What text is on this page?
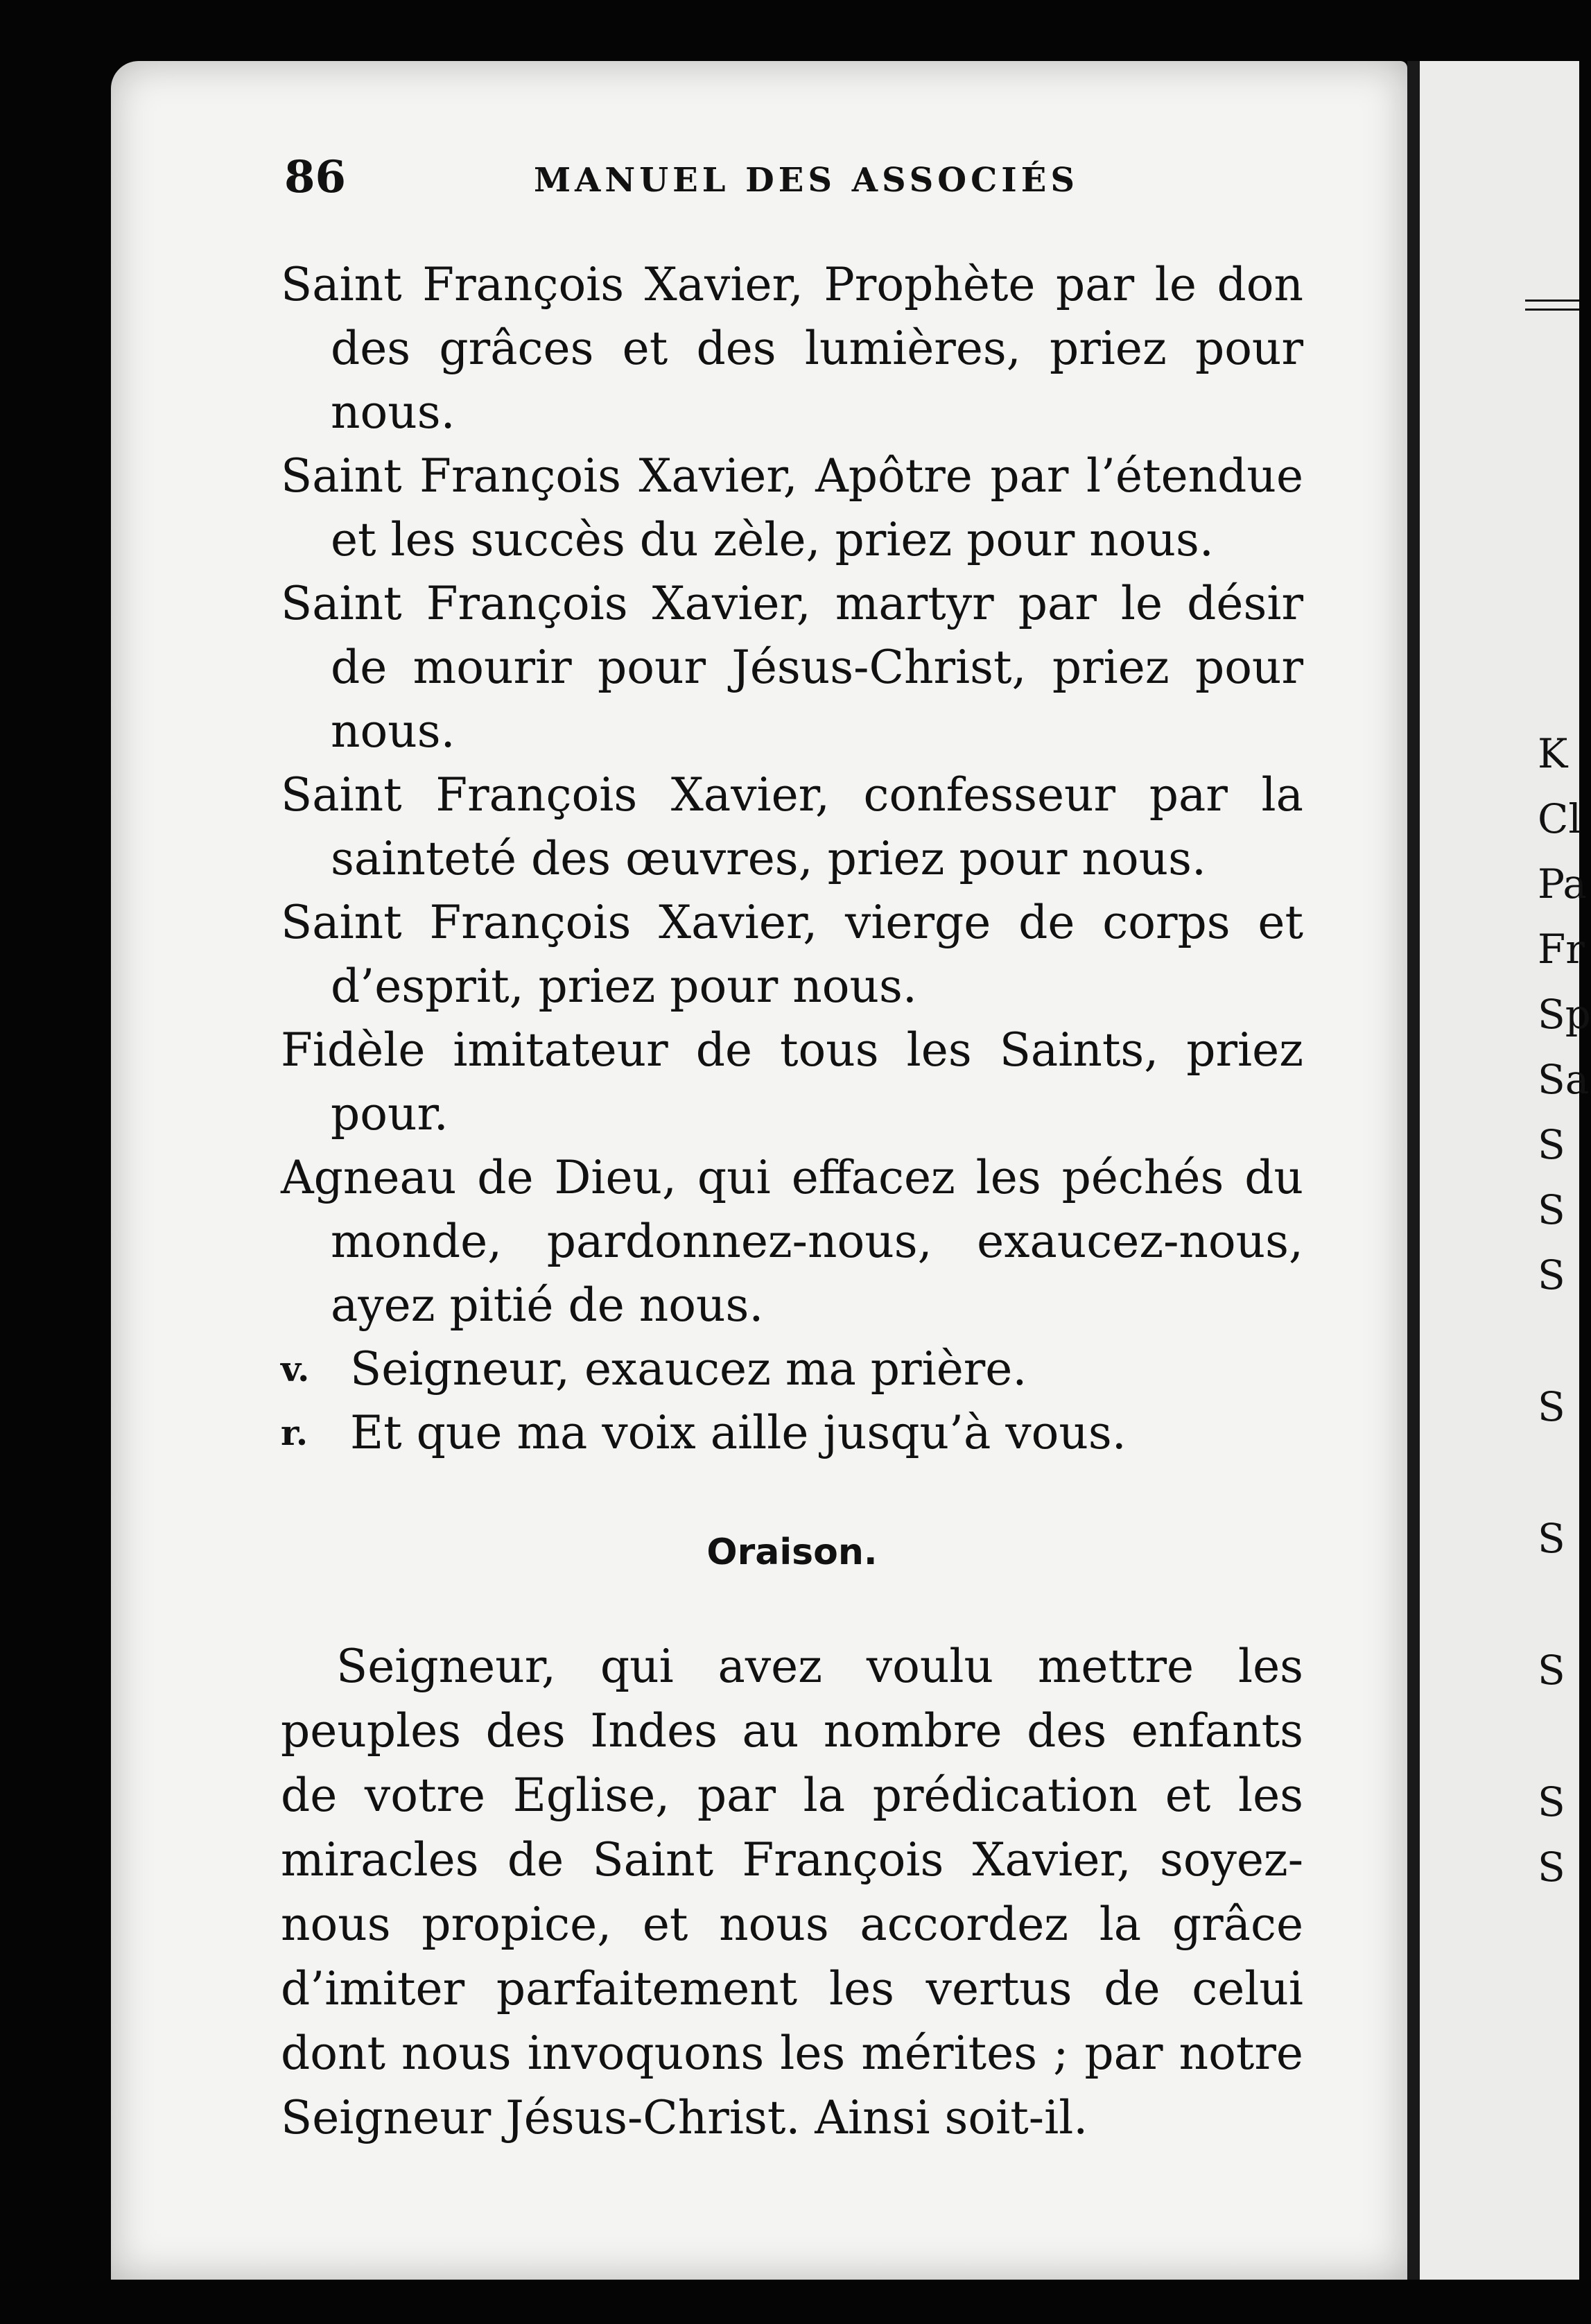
K
Cl
Pa
Fr
Sp
Sa
S
S
S
S
S
S
S
S
86	MANUEL DES ASSOCIÉS

Saint François Xavier, Prophète par le don des grâces et des lumières, priez pour nous.

Saint François Xavier, Apôtre par l’étendue et les succès du zèle, priez pour nous.

Saint François Xavier, martyr par le désir de mourir pour Jésus-Christ, priez pour nous.

Saint François Xavier, confesseur par la sainteté des œuvres, priez pour nous.

Saint François Xavier, vierge de corps et d’esprit, priez pour nous.

Fidèle imitateur de tous les Saints, priez pour.

Agneau de Dieu, qui effacez les péchés du monde, pardonnez-nous, exaucez-nous, ayez pitié de nous.

v. Seigneur, exaucez ma prière.

r. Et que ma voix aille jusqu’à vous.

Oraison.

Seigneur, qui avez voulu mettre les peuples des Indes au nombre des enfants de votre Eglise, par la prédication et les miracles de Saint François Xavier, soyez-nous propice, et nous accordez la grâce d’imiter parfaitement les vertus de celui dont nous invoquons les mérites ; par notre Seigneur Jésus-Christ. Ainsi soit-il.
